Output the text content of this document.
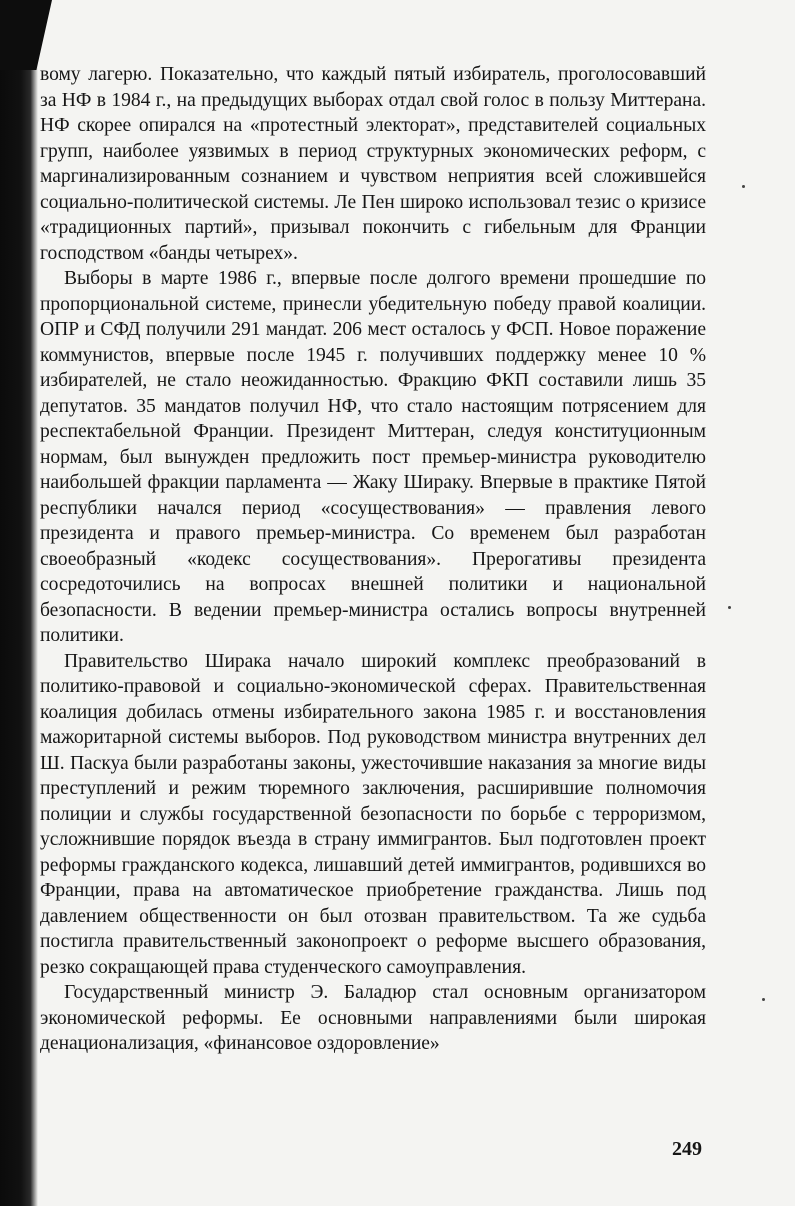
вому лагерю. Показательно, что каждый пятый избиратель, проголосовавший за НФ в 1984 г., на предыдущих выборах отдал свой голос в пользу Миттерана. НФ скорее опирался на «протестный электорат», представителей социальных групп, наиболее уязвимых в период структурных экономических реформ, с маргинализированным сознанием и чувством неприятия всей сложившейся социально-политической системы. Ле Пен широко использовал тезис о кризисе «традиционных партий», призывал покончить с гибельным для Франции господством «банды четырех».

Выборы в марте 1986 г., впервые после долгого времени прошедшие по пропорциональной системе, принесли убедительную победу правой коалиции. ОПР и СФД получили 291 мандат. 206 мест осталось у ФСП. Новое поражение коммунистов, впервые после 1945 г. получивших поддержку менее 10 % избирателей, не стало неожиданностью. Фракцию ФКП составили лишь 35 депутатов. 35 мандатов получил НФ, что стало настоящим потрясением для респектабельной Франции. Президент Миттеран, следуя конституционным нормам, был вынужден предложить пост премьер-министра руководителю наибольшей фракции парламента — Жаку Шираку. Впервые в практике Пятой республики начался период «сосуществования» — правления левого президента и правого премьер-министра. Со временем был разработан своеобразный «кодекс сосуществования». Прерогативы президента сосредоточились на вопросах внешней политики и национальной безопасности. В ведении премьер-министра остались вопросы внутренней политики.

Правительство Ширака начало широкий комплекс преобразований в политико-правовой и социально-экономической сферах. Правительственная коалиция добилась отмены избирательного закона 1985 г. и восстановления мажоритарной системы выборов. Под руководством министра внутренних дел Ш. Паскуа были разработаны законы, ужесточившие наказания за многие виды преступлений и режим тюремного заключения, расширившие полномочия полиции и службы государственной безопасности по борьбе с терроризмом, усложнившие порядок въезда в страну иммигрантов. Был подготовлен проект реформы гражданского кодекса, лишавший детей иммигрантов, родившихся во Франции, права на автоматическое приобретение гражданства. Лишь под давлением общественности он был отозван правительством. Та же судьба постигла правительственный законопроект о реформе высшего образования, резко сокращающей права студенческого самоуправления.

Государственный министр Э. Баладюр стал основным организатором экономической реформы. Ее основными направлениями были широкая денационализация, «финансовое оздоровление»

249
